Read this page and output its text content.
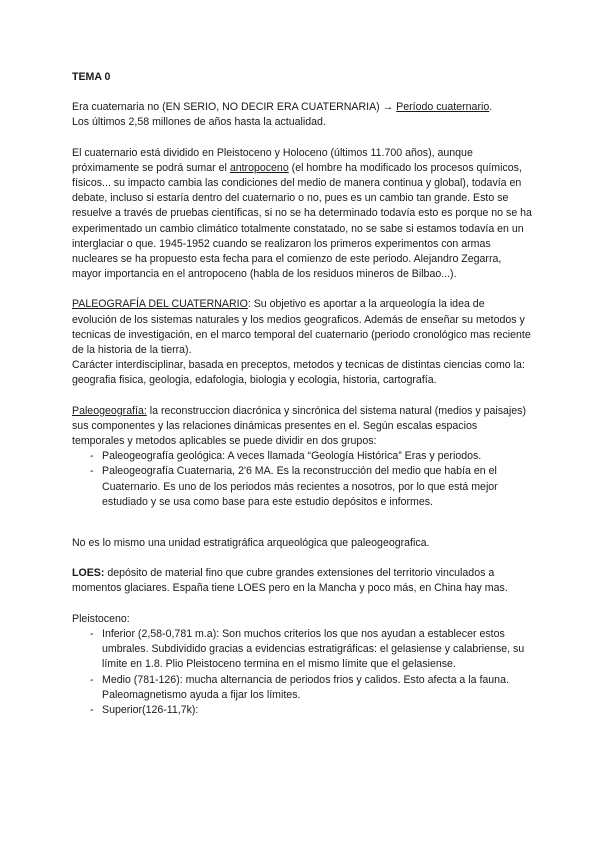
TEMA 0

Era cuaternaria no (EN SERIO, NO DECIR ERA CUATERNARIA) → Período cuaternario.
Los últimos 2,58 millones de años hasta la actualidad.

El cuaternario está dividido en Pleistoceno y Holoceno (últimos 11.700 años), aunque próximamente se podrá sumar el antropoceno (el hombre ha modificado los procesos químicos, físicos... su impacto cambia las condiciones del medio de manera continua y global), todavía en debate, incluso si estaría dentro del cuaternario o no, pues es un cambio tan grande. Esto se resuelve a través de pruebas científicas, si no se ha determinado todavía esto es porque no se ha experimentado un cambio climático totalmente constatado, no se sabe si estamos todavía en un interglaciar o que. 1945-1952 cuando se realizaron los primeros experimentos con armas nucleares se ha propuesto esta fecha para el comienzo de este periodo. Alejandro Zegarra, mayor importancia en el antropoceno (habla de los residuos mineros de Bilbao...).

PALEOGRAFÍA DEL CUATERNARIO: Su objetivo es aportar a la arqueología la idea de evolución de los sistemas naturales y los medios geograficos. Además de enseñar su metodos y tecnicas de investigación, en el marco temporal del cuaternario (periodo cronológico mas reciente de la historia de la tierra).
Carácter interdisciplinar, basada en preceptos, metodos y tecnicas de distintas ciencias como la: geografia fisica, geologia, edafologia, biologia y ecologia, historia, cartografía.

Paleogeografía: la reconstruccion diacrónica y sincrónica del sistema natural (medios y paisajes) sus componentes y las relaciones dinámicas presentes en el. Según escalas espacios temporales y metodos aplicables se puede dividir en dos grupos:

- Paleogeografía geológica: A veces llamada “Geología Histórica” Eras y periodos.
- Paleogeografía Cuaternaria, 2'6 MA. Es la reconstrucción del medio que había en el Cuaternario. Es uno de los periodos más recientes a nosotros, por lo que está mejor estudiado y se usa como base para este estudio depósitos e informes.

No es lo mismo una unidad estratigráfica arqueológica que paleogeografica.

LOES: depósito de material fino que cubre grandes extensiones del territorio vinculados a momentos glaciares. España tiene LOES pero en la Mancha y poco más, en China hay mas.

Pleistoceno:

- Inferior (2,58-0,781 m.a): Son muchos criterios los que nos ayudan a establecer estos umbrales. Subdividido gracias a evidencias estratigráficas: el gelasiense y calabriense, su límite en 1.8. Plio Pleistoceno termina en el mismo límite que el gelasiense.
- Medio (781-126): mucha alternancia de periodos frios y calidos. Esto afecta a la fauna. Paleomagnetismo ayuda a fijar los límites.
- Superior(126-11,7k):
